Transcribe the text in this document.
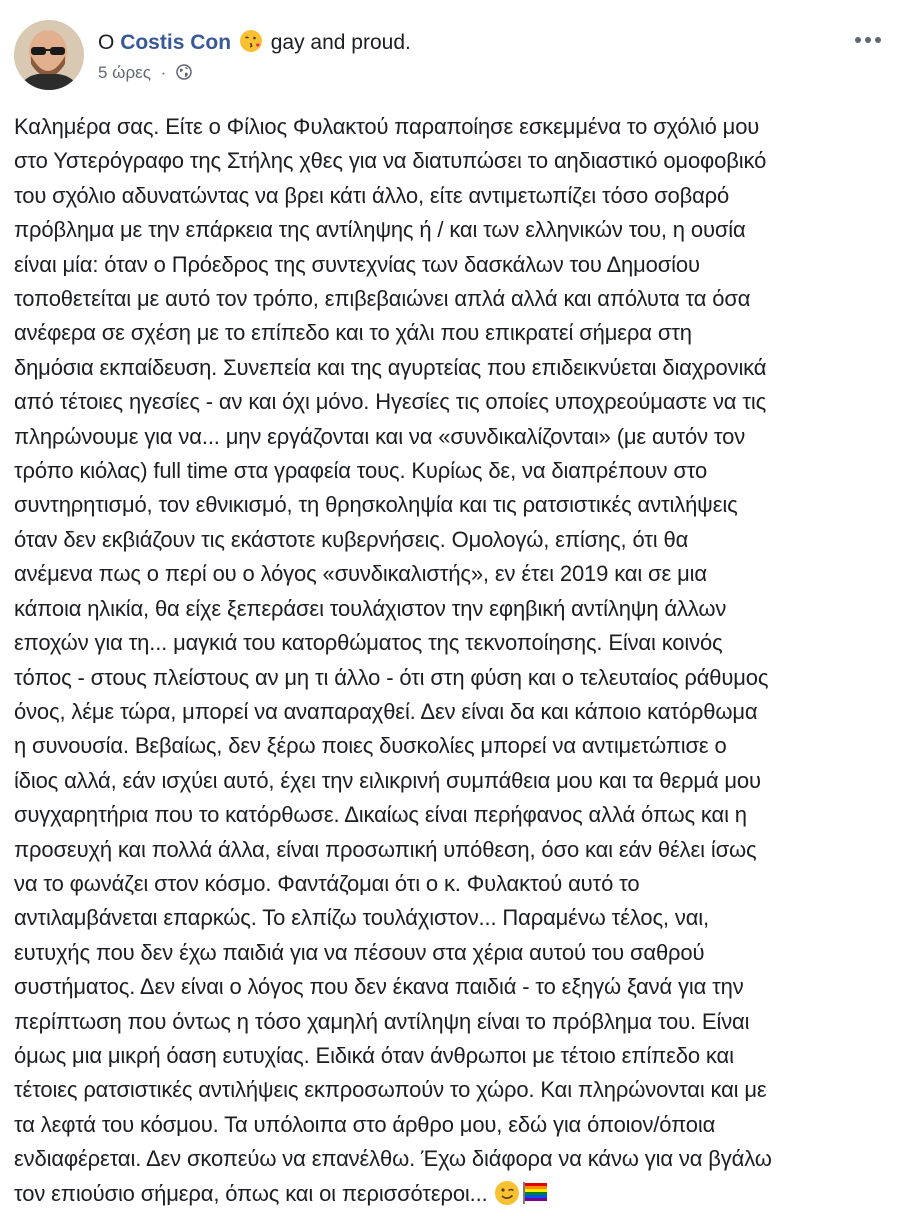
Ο Costis Con gay and proud.
5 ώρες ·
Καλημέρα σας. Είτε ο Φίλιος Φυλακτού παραποίησε εσκεμμένα το σχόλιό μου
στο Υστερόγραφο της Στήλης χθες για να διατυπώσει το αηδιαστικό ομοφοβικό
του σχόλιο αδυνατώντας να βρει κάτι άλλο, είτε αντιμετωπίζει τόσο σοβαρό
πρόβλημα με την επάρκεια της αντίληψης ή / και των ελληνικών του, η ουσία
είναι μία: όταν ο Πρόεδρος της συντεχνίας των δασκάλων του Δημοσίου
τοποθετείται με αυτό τον τρόπο, επιβεβαιώνει απλά αλλά και απόλυτα τα όσα
ανέφερα σε σχέση με το επίπεδο και το χάλι που επικρατεί σήμερα στη
δημόσια εκπαίδευση. Συνεπεία και της αγυρτείας που επιδεικνύεται διαχρονικά
από τέτοιες ηγεσίες - αν και όχι μόνο. Ηγεσίες τις οποίες υποχρεούμαστε να τις
πληρώνουμε για να... μην εργάζονται και να «συνδικαλίζονται» (με αυτόν τον
τρόπο κιόλας) full time στα γραφεία τους. Κυρίως δε, να διαπρέπουν στο
συντηρητισμό, τον εθνικισμό, τη θρησκοληψία και τις ρατσιστικές αντιλήψεις
όταν δεν εκβιάζουν τις εκάστοτε κυβερνήσεις. Ομολογώ, επίσης, ότι θα
ανέμενα πως ο περί ου ο λόγος «συνδικαλιστής», εν έτει 2019 και σε μια
κάποια ηλικία, θα είχε ξεπεράσει τουλάχιστον την εφηβική αντίληψη άλλων
εποχών για τη... μαγκιά του κατορθώματος της τεκνοποίησης. Είναι κοινός
τόπος - στους πλείστους αν μη τι άλλο - ότι στη φύση και ο τελευταίος ράθυμος
όνος, λέμε τώρα, μπορεί να αναπαραχθεί. Δεν είναι δα και κάποιο κατόρθωμα
η συνουσία. Βεβαίως, δεν ξέρω ποιες δυσκολίες μπορεί να αντιμετώπισε ο
ίδιος αλλά, εάν ισχύει αυτό, έχει την ειλικρινή συμπάθεια μου και τα θερμά μου
συγχαρητήρια που το κατόρθωσε. Δικαίως είναι περήφανος αλλά όπως και η
προσευχή και πολλά άλλα, είναι προσωπική υπόθεση, όσο και εάν θέλει ίσως
να το φωνάζει στον κόσμο. Φαντάζομαι ότι ο κ. Φυλακτού αυτό το
αντιλαμβάνεται επαρκώς. Το ελπίζω τουλάχιστον... Παραμένω τέλος, ναι,
ευτυχής που δεν έχω παιδιά για να πέσουν στα χέρια αυτού του σαθρού
συστήματος. Δεν είναι ο λόγος που δεν έκανα παιδιά - το εξηγώ ξανά για την
περίπτωση που όντως η τόσο χαμηλή αντίληψη είναι το πρόβλημα του. Είναι
όμως μια μικρή όαση ευτυχίας. Ειδικά όταν άνθρωποι με τέτοιο επίπεδο και
τέτοιες ρατσιστικές αντιλήψεις εκπροσωπούν το χώρο. Και πληρώνονται και με
τα λεφτά του κόσμου. Τα υπόλοιπα στο άρθρο μου, εδώ για όποιον/όποια
ενδιαφέρεται. Δεν σκοπεύω να επανέλθω. Έχω διάφορα να κάνω για να βγάλω
τον επιούσιο σήμερα, όπως και οι περισσότεροι...
